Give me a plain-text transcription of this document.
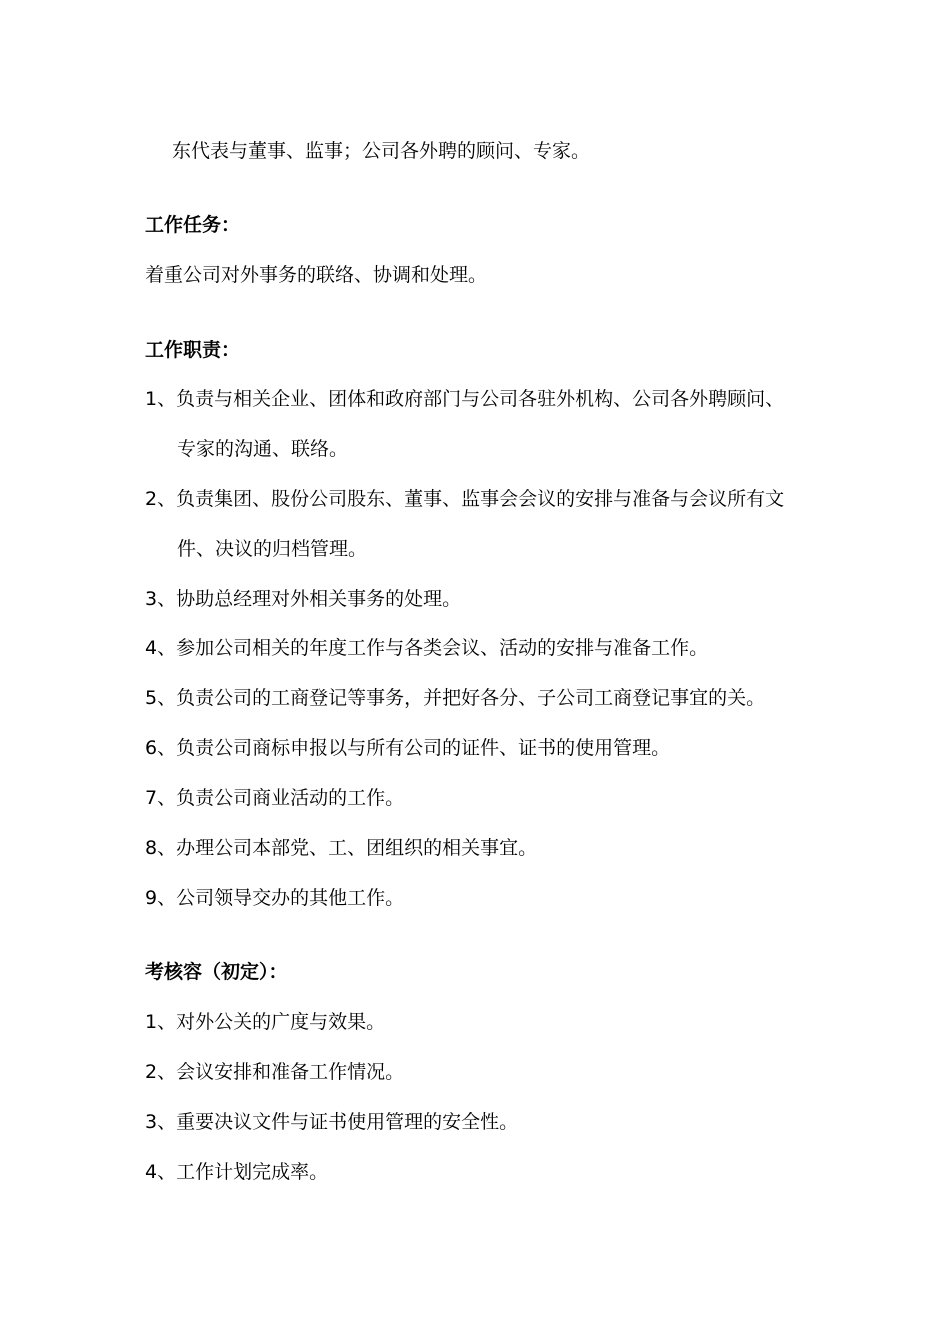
东代表与董事、监事；公司各外聘的顾问、专家。
工作任务：
着重公司对外事务的联络、协调和处理。
工作职责：
1、负责与相关企业、团体和政府部门与公司各驻外机构、公司各外聘顾问、
专家的沟通、联络。
2、负责集团、股份公司股东、董事、监事会会议的安排与准备与会议所有文
件、决议的归档管理。
3、协助总经理对外相关事务的处理。
4、参加公司相关的年度工作与各类会议、活动的安排与准备工作。
5、负责公司的工商登记等事务，并把好各分、子公司工商登记事宜的关。
6、负责公司商标申报以与所有公司的证件、证书的使用管理。
7、负责公司商业活动的工作。
8、办理公司本部党、工、团组织的相关事宜。
9、公司领导交办的其他工作。
考核容（初定）：
1、对外公关的广度与效果。
2、会议安排和准备工作情况。
3、重要决议文件与证书使用管理的安全性。
4、工作计划完成率。
